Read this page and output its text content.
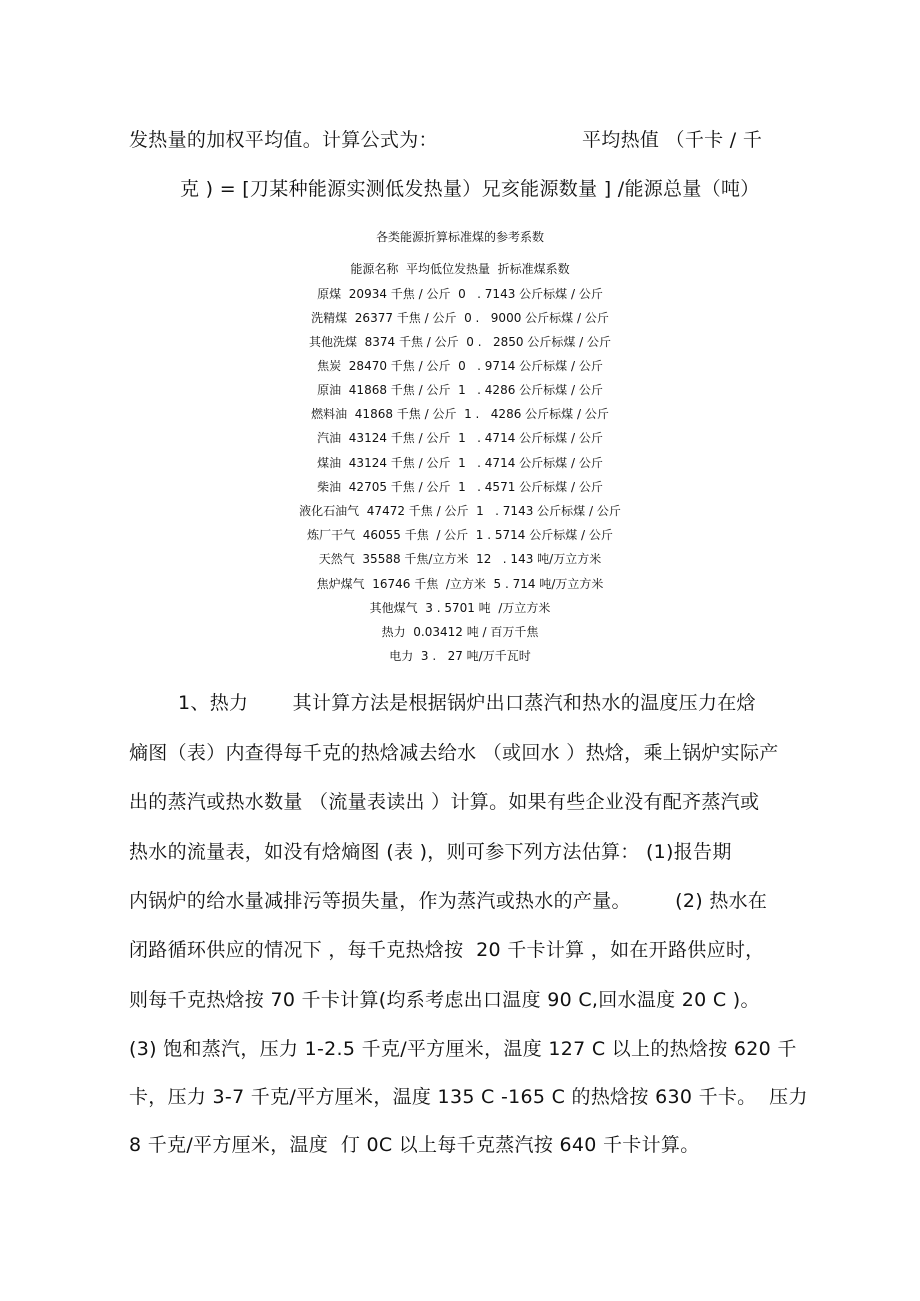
发热量的加权平均值。计算公式为：	平均热值 （千卡 / 千
克 ) = [刀某种能源实测低发热量）兄亥能源数量 ] /能源总量（吨）
各类能源折算标准煤的参考系数
能源名称  平均低位发热量  折标准煤系数
原煤  20934 千焦 / 公斤  0   . 7143 公斤标煤 / 公斤
洗精煤  26377 千焦 / 公斤  0 .   9000 公斤标煤 / 公斤
其他洗煤  8374 千焦 / 公斤  0 .   2850 公斤标煤 / 公斤
焦炭  28470 千焦 / 公斤  0   . 9714 公斤标煤 / 公斤
原油  41868 千焦 / 公斤  1   . 4286 公斤标煤 / 公斤
燃料油  41868 千焦 / 公斤  1 .   4286 公斤标煤 / 公斤
汽油  43124 千焦 / 公斤  1   . 4714 公斤标煤 / 公斤
煤油  43124 千焦 / 公斤  1   . 4714 公斤标煤 / 公斤
柴油  42705 千焦 / 公斤  1   . 4571 公斤标煤 / 公斤
液化石油气  47472 千焦 / 公斤  1   . 7143 公斤标煤 / 公斤
炼厂干气  46055 千焦  / 公斤  1 . 5714 公斤标煤 / 公斤
天然气  35588 千焦/立方米  12   . 143 吨/万立方米
焦炉煤气  16746 千焦  /立方米  5 . 714 吨/万立方米
其他煤气  3 . 5701 吨  /万立方米
热力  0.03412 吨 / 百万千焦
电力  3 .   27 吨/万千瓦时
1、热力       其计算方法是根据锅炉出口蒸汽和热水的温度压力在焓
熵图（表）内查得每千克的热焓减去给水 （或回水 ）热焓，乘上锅炉实际产
出的蒸汽或热水数量 （流量表读出 ）计算。如果有些企业没有配齐蒸汽或
热水的流量表，如没有焓熵图 (表 )，则可参下列方法估算： (1)报告期
内锅炉的给水量减排污等损失量，作为蒸汽或热水的产量。       (2) 热水在
闭路循环供应的情况下 ，每千克热焓按  20 千卡计算 ，如在开路供应时，
则每千克热焓按 70 千卡计算(均系考虑出口温度 90 C,回水温度 20 C )。
(3) 饱和蒸汽，压力 1-2.5 千克/平方厘米，温度 127 C 以上的热焓按 620 千
卡，压力 3-7 千克/平方厘米，温度 135 C -165 C 的热焓按 630 千卡。  压力
8 千克/平方厘米，温度  仃 0C 以上每千克蒸汽按 640 千卡计算。
